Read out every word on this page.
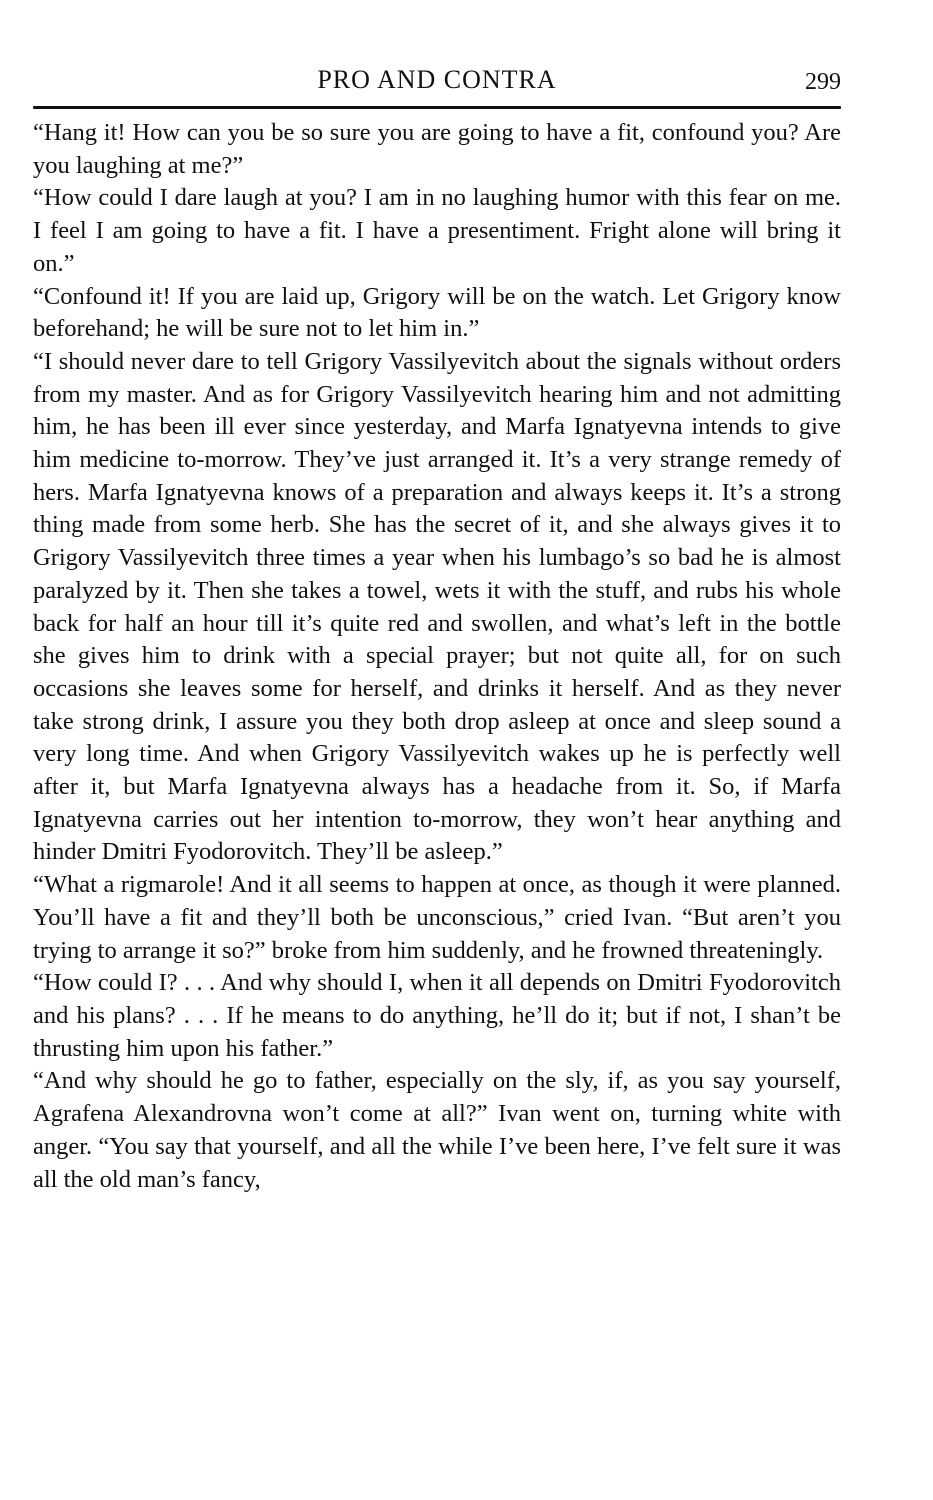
PRO AND CONTRA	299

“Hang it! How can you be so sure you are going to have a fit, confound you? Are you laughing at me?”

“How could I dare laugh at you? I am in no laughing humor with this fear on me. I feel I am going to have a fit. I have a presentiment. Fright alone will bring it on.”

“Confound it! If you are laid up, Grigory will be on the watch. Let Grigory know beforehand; he will be sure not to let him in.”

“I should never dare to tell Grigory Vassilyevitch about the signals without orders from my master. And as for Grigory Vassilyevitch hearing him and not admitting him, he has been ill ever since yesterday, and Marfa Ignatyevna intends to give him medicine to-morrow. They’ve just arranged it. It’s a very strange remedy of hers. Marfa Ignatyevna knows of a preparation and always keeps it. It’s a strong thing made from some herb. She has the secret of it, and she always gives it to Grigory Vassilyevitch three times a year when his lumbago’s so bad he is almost paralyzed by it. Then she takes a towel, wets it with the stuff, and rubs his whole back for half an hour till it’s quite red and swollen, and what’s left in the bottle she gives him to drink with a special prayer; but not quite all, for on such occasions she leaves some for herself, and drinks it herself. And as they never take strong drink, I assure you they both drop asleep at once and sleep sound a very long time. And when Grigory Vassilyevitch wakes up he is perfectly well after it, but Marfa Ignatyevna always has a headache from it. So, if Marfa Ignatyevna carries out her intention to-morrow, they won’t hear anything and hinder Dmitri Fyodorovitch. They’ll be asleep.”

“What a rigmarole! And it all seems to happen at once, as though it were planned. You’ll have a fit and they’ll both be unconscious,” cried Ivan. “But aren’t you trying to arrange it so?” broke from him suddenly, and he frowned threateningly.

“How could I? . . . And why should I, when it all depends on Dmitri Fyodorovitch and his plans? . . . If he means to do anything, he’ll do it; but if not, I shan’t be thrusting him upon his father.”

“And why should he go to father, especially on the sly, if, as you say yourself, Agrafena Alexandrovna won’t come at all?” Ivan went on, turning white with anger. “You say that yourself, and all the while I’ve been here, I’ve felt sure it was all the old man’s fancy,
